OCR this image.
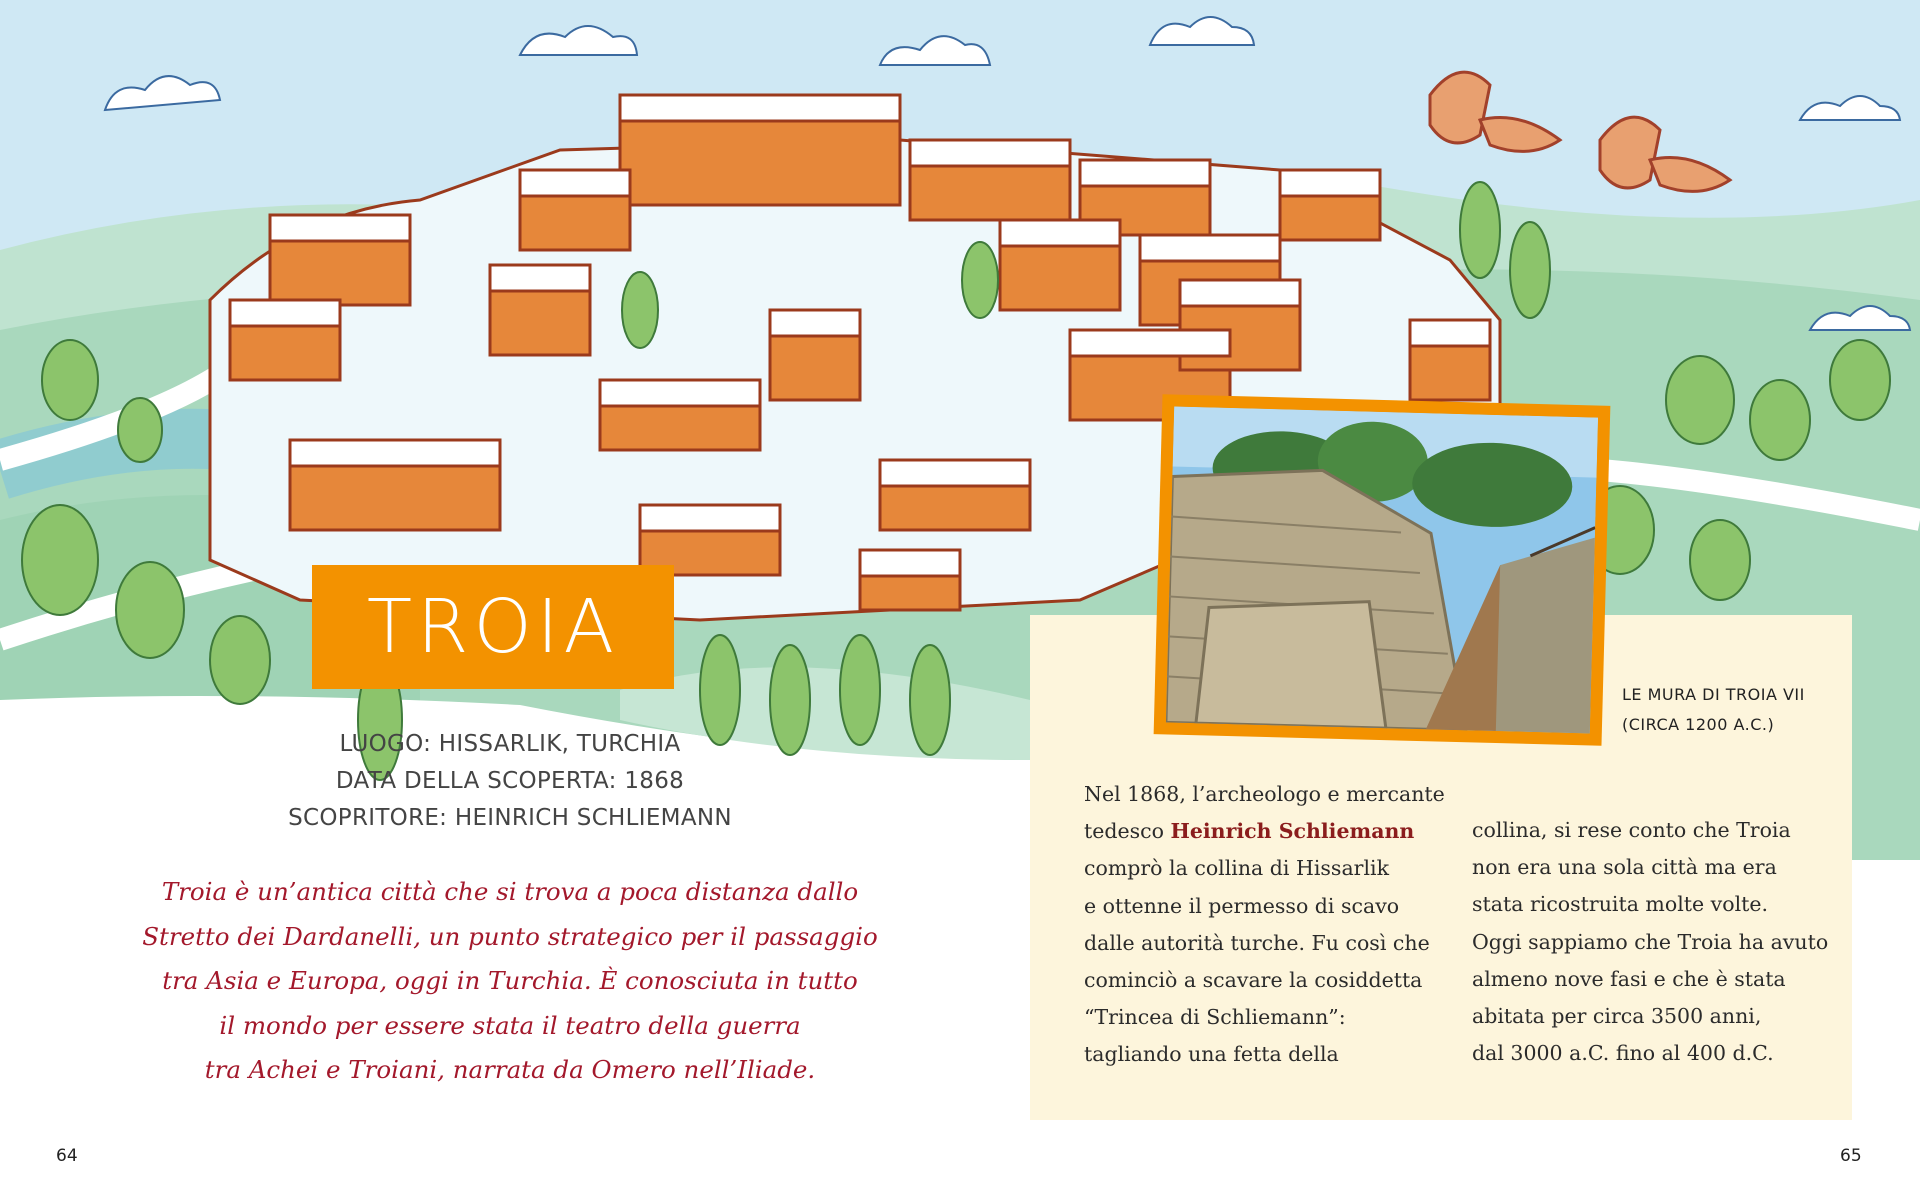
TROIA
LUOGO: HISSARLIK, TURCHIA
DATA DELLA SCOPERTA: 1868
SCOPRITORE: HEINRICH SCHLIEMANN
Troia è un’antica città che si trova a poca distanza dallo
Stretto dei Dardanelli, un punto strategico per il passaggio
tra Asia e Europa, oggi in Turchia. È conosciuta in tutto
il mondo per essere stata il teatro della guerra
tra Achei e Troiani, narrata da Omero nell’Iliade.
LE MURA DI TROIA VII
(CIRCA 1200 A.C.)
Nel 1868, l’archeologo e mercante
tedesco Heinrich Schliemann
comprò la collina di Hissarlik
e ottenne il permesso di scavo
dalle autorità turche. Fu così che
cominciò a scavare la cosiddetta
“Trincea di Schliemann”:
tagliando una fetta della
collina, si rese conto che Troia
non era una sola città ma era
stata ricostruita molte volte.
Oggi sappiamo che Troia ha avuto
almeno nove fasi e che è stata
abitata per circa 3500 anni,
dal 3000 a.C. fino al 400 d.C.
64	65
